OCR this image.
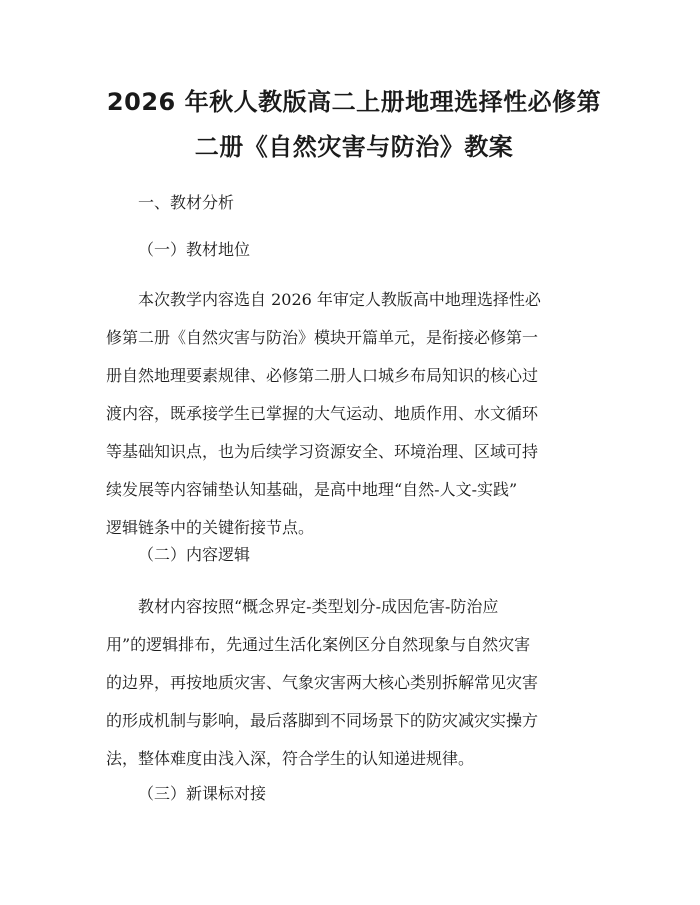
2026 年秋人教版高二上册地理选择性必修第
二册《自然灾害与防治》教案

一、教材分析

（一）教材地位

本次教学内容选自 2026 年审定人教版高中地理选择性必
修第二册《自然灾害与防治》模块开篇单元，是衔接必修第一
册自然地理要素规律、必修第二册人口城乡布局知识的核心过
渡内容，既承接学生已掌握的大气运动、地质作用、水文循环
等基础知识点，也为后续学习资源安全、环境治理、区域可持
续发展等内容铺垫认知基础，是高中地理“自然-人文-实践”
逻辑链条中的关键衔接节点。

（二）内容逻辑

教材内容按照“概念界定-类型划分-成因危害-防治应
用”的逻辑排布，先通过生活化案例区分自然现象与自然灾害
的边界，再按地质灾害、气象灾害两大核心类别拆解常见灾害
的形成机制与影响，最后落脚到不同场景下的防灾减灾实操方
法，整体难度由浅入深，符合学生的认知递进规律。

（三）新课标对接
